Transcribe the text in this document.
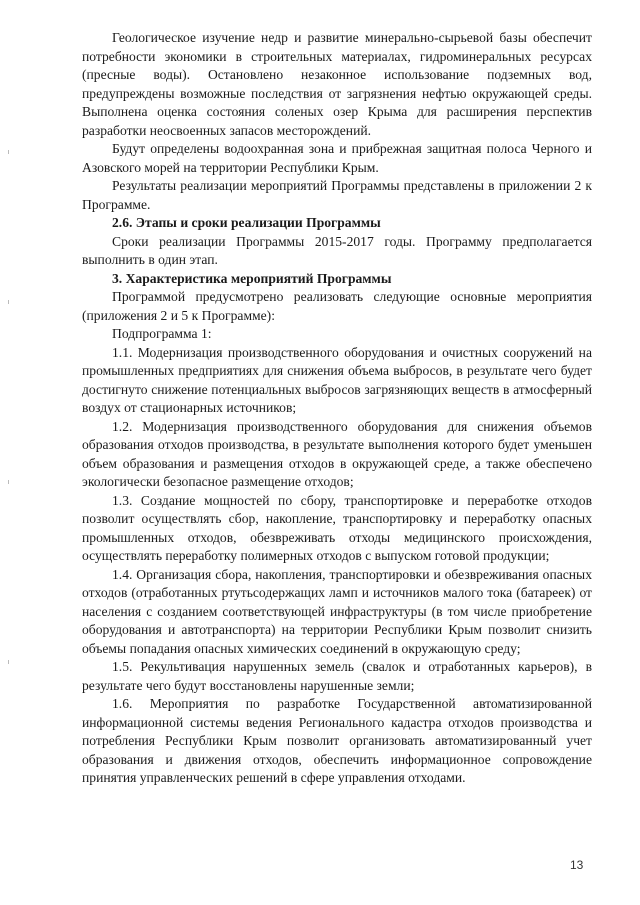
Геологическое изучение недр и развитие минерально-сырьевой базы обеспечит потребности экономики в строительных материалах, гидроминеральных ресурсах (пресные воды). Остановлено незаконное использование подземных вод, предупреждены возможные последствия от загрязнения нефтью окружающей среды. Выполнена оценка состояния соленых озер Крыма для расширения перспектив разработки неосвоенных запасов месторождений.

Будут определены водоохранная зона и прибрежная защитная полоса Черного и Азовского морей на территории Республики Крым.

Результаты реализации мероприятий Программы представлены в приложении 2 к Программе.

2.6. Этапы и сроки реализации Программы

Сроки реализации Программы 2015-2017 годы. Программу предполагается выполнить в один этап.

3. Характеристика мероприятий Программы

Программой предусмотрено реализовать следующие основные мероприятия (приложения 2 и 5 к Программе):

Подпрограмма 1:

1.1. Модернизация производственного оборудования и очистных сооружений на промышленных предприятиях для снижения объема выбросов, в результате чего будет достигнуто снижение потенциальных выбросов загрязняющих веществ в атмосферный воздух от стационарных источников;

1.2. Модернизация производственного оборудования для снижения объемов образования отходов производства, в результате выполнения которого будет уменьшен объем образования и размещения отходов в окружающей среде, а также обеспечено экологически безопасное размещение отходов;

1.3. Создание мощностей по сбору, транспортировке и переработке отходов позволит осуществлять сбор, накопление, транспортировку и переработку опасных промышленных отходов, обезвреживать отходы медицинского происхождения, осуществлять переработку полимерных отходов с выпуском готовой продукции;

1.4. Организация сбора, накопления, транспортировки и обезвреживания опасных отходов (отработанных ртутьсодержащих ламп и источников малого тока (батареек) от населения с созданием соответствующей инфраструктуры (в том числе приобретение оборудования и автотранспорта) на территории Республики Крым позволит снизить объемы попадания опасных химических соединений в окружающую среду;

1.5. Рекультивация нарушенных земель (свалок и отработанных карьеров), в результате чего будут восстановлены нарушенные земли;

1.6. Мероприятия по разработке Государственной автоматизированной информационной системы ведения Регионального кадастра отходов производства и потребления Республики Крым позволит организовать автоматизированный учет образования и движения отходов, обеспечить информационное сопровождение принятия управленческих решений в сфере управления отходами.

13
